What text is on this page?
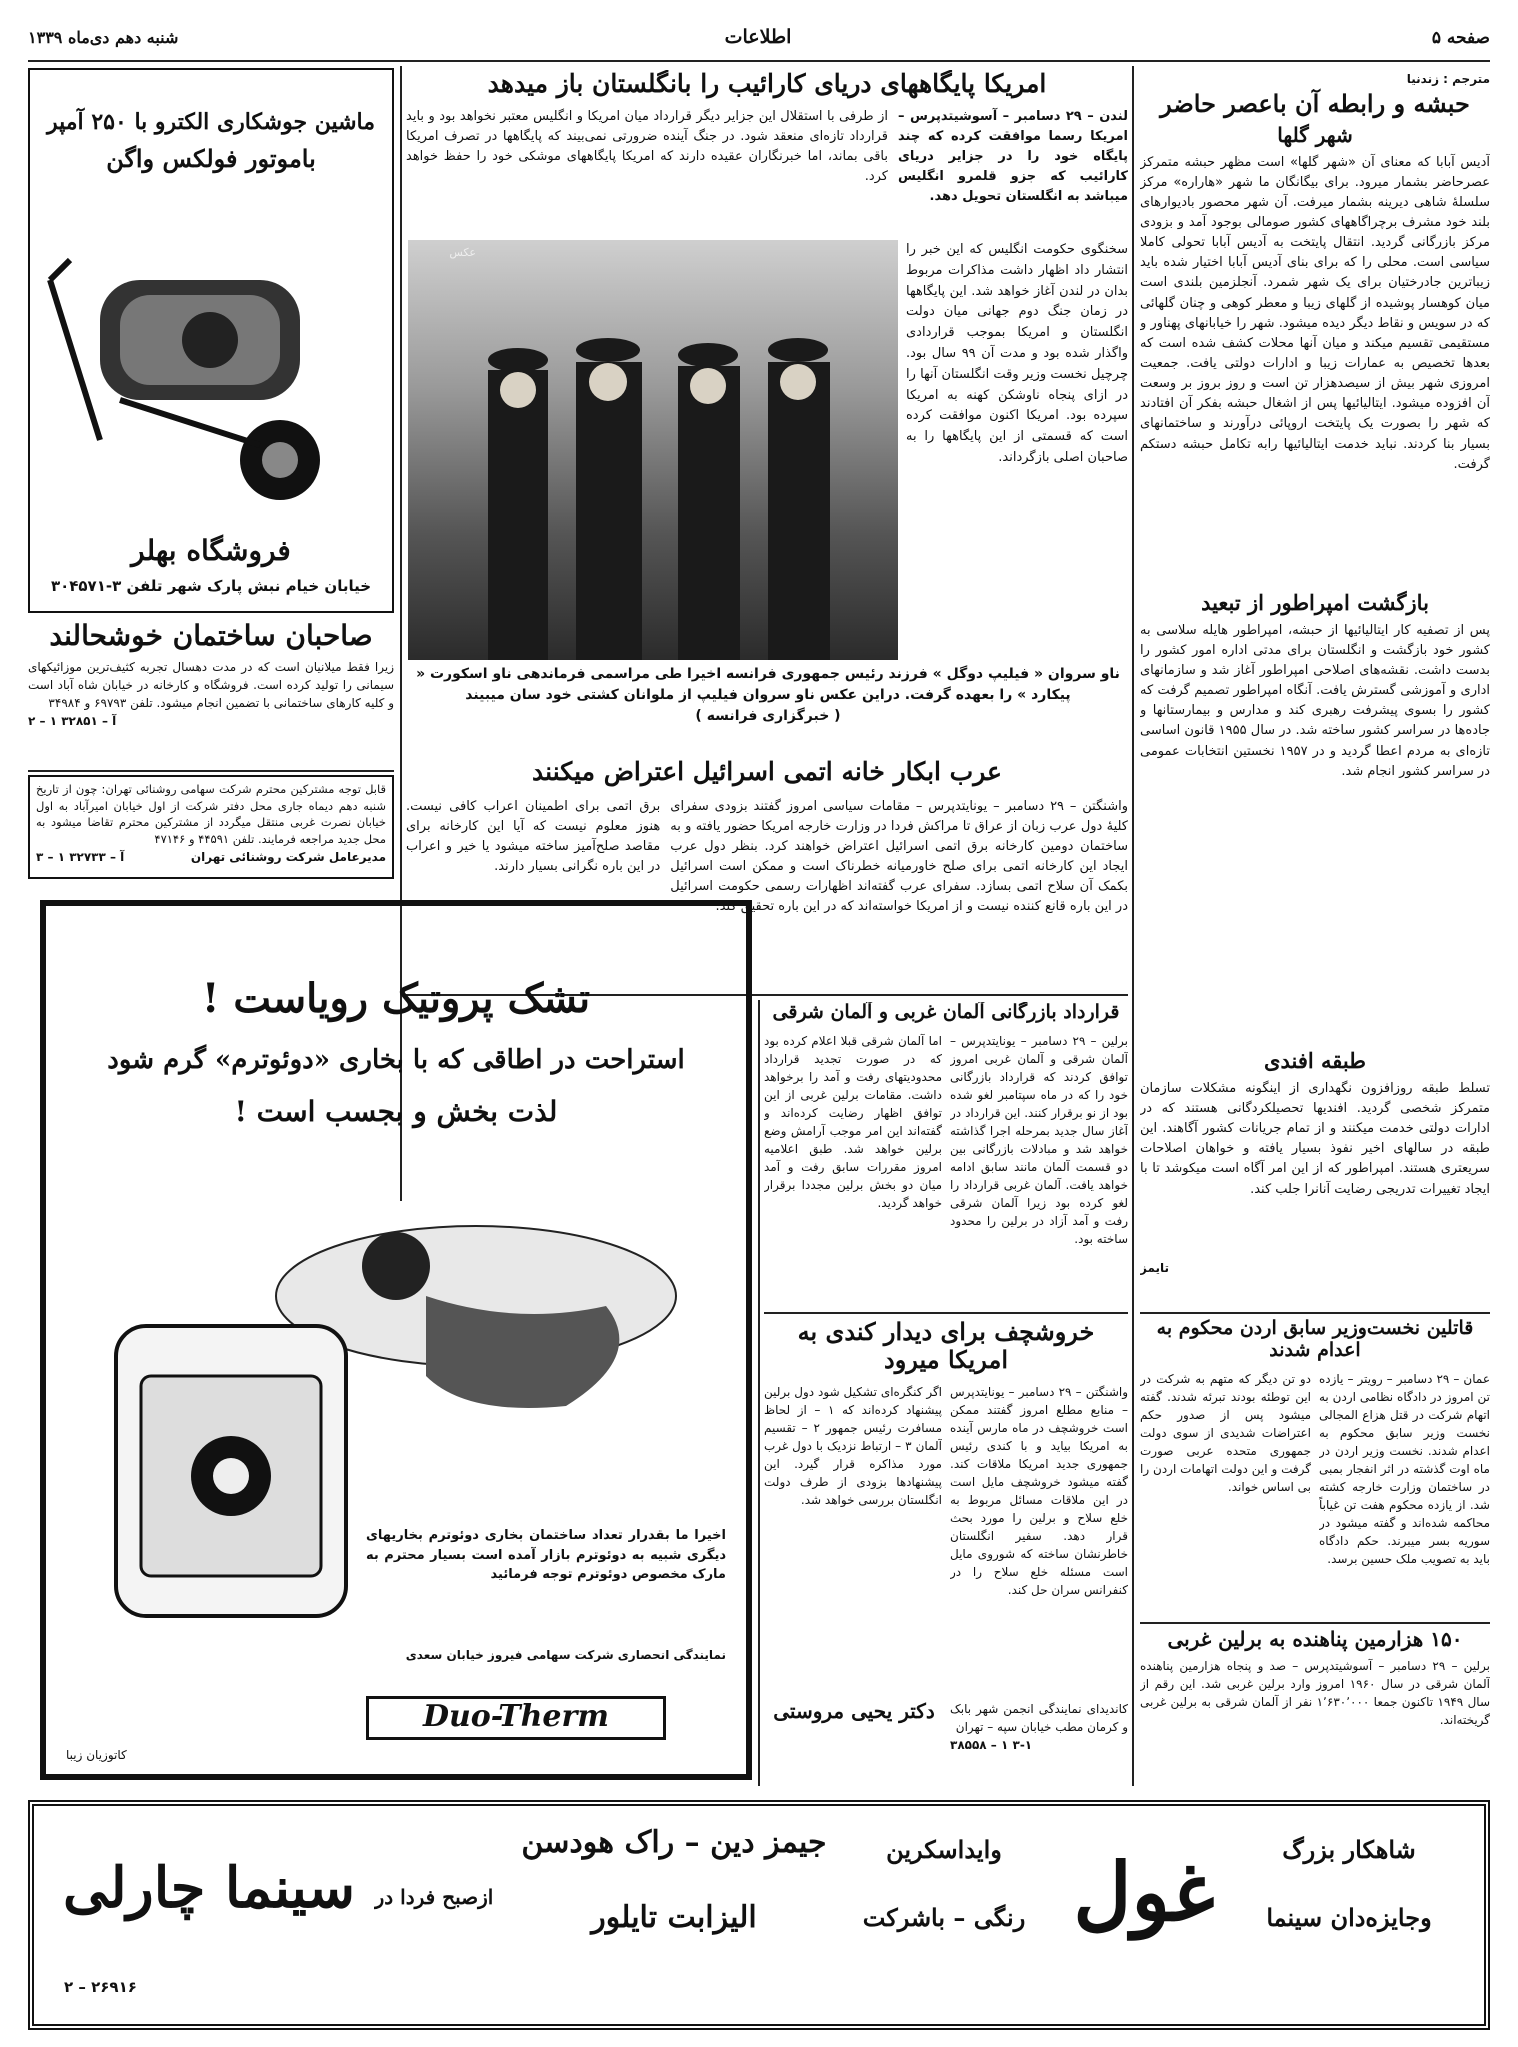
صفحه ۵
اطلاعات
شنبه دهم دی‌ماه ۱۳۳۹
مترجم : زندنیا
حبشه و رابطه آن باعصر حاضر
شهر گلها
آدیس آبابا که معنای آن «شهر گلها» است مظهر حبشه متمرکز عصرحاضر بشمار میرود. برای بیگانگان ما شهر «هاراره» مرکز سلسلهٔ شاهی دیرینه بشمار میرفت. آن شهر محصور بادیوارهای بلند خود مشرف برچراگاههای کشور صومالی بوجود آمد و بزودی مرکز بازرگانی گردید. انتقال پایتخت به آدیس آبابا تحولی کاملا سیاسی است. محلی را که برای بنای آدیس آبابا اختیار شده باید زیباترین جادرختیان برای یک شهر شمرد. آنجلزمین بلندی است میان کوهسار پوشیده از گلهای زیبا و معطر کوهی و چنان گلهائی که در سویس و نقاط دیگر دیده میشود. شهر را خیابانهای پهناور و مستقیمی تقسیم میکند و میان آنها محلات کشف شده است که بعدها تخصیص به عمارات زیبا و ادارات دولتی یافت. جمعیت امروزی شهر بیش از سیصدهزار تن است و روز بروز بر وسعت آن افزوده میشود. ایتالیائیها پس از اشغال حبشه بفکر آن افتادند که شهر را بصورت یک پایتخت اروپائی درآورند و ساختمانهای بسیار بنا کردند. نباید خدمت ایتالیائیها رابه تکامل حبشه دستکم گرفت.
بازگشت امپراطور از تبعید
پس از تصفیه کار ایتالیائیها از حبشه، امپراطور هایله سلاسی به کشور خود بازگشت و انگلستان برای مدتی اداره امور کشور را بدست داشت. نقشه‌های اصلاحی امپراطور آغاز شد و سازمانهای اداری و آموزشی گسترش یافت. آنگاه امپراطور تصمیم گرفت که کشور را بسوی پیشرفت رهبری کند و مدارس و بیمارستانها و جاده‌ها در سراسر کشور ساخته شد. در سال ۱۹۵۵ قانون اساسی تازه‌ای به مردم اعطا گردید و در ۱۹۵۷ نخستین انتخابات عمومی در سراسر کشور انجام شد.
طبقه افندی
تسلط طبقه روزافزون نگهداری از اینگونه مشکلات سازمان متمرکز شخصی گردید. افندیها تحصیلکردگانی هستند که در ادارات دولتی خدمت میکنند و از تمام جریانات کشور آگاهند. این طبقه در سالهای اخیر نفوذ بسیار یافته و خواهان اصلاحات سریعتری هستند. امپراطور که از این امر آگاه است میکوشد تا با ایجاد تغییرات تدریجی رضایت آنانرا جلب کند.
تایمز
امریکا پایگاههای دریای کارائیب را بانگلستان باز میدهد
لندن – ۲۹ دسامبر – آسوشیتدپرس – امریکا رسما موافقت کرده که چند پایگاه خود را در جزایر دریای کارائیب که جزو قلمرو انگلیس میباشد به انگلستان تحویل دهد.
از طرفی با استقلال این جزایر دیگر قرارداد میان امریکا و انگلیس معتبر نخواهد بود و باید قرارداد تازه‌ای منعقد شود. در جنگ آینده ضرورتی نمی‌بیند که پایگاهها در تصرف امریکا باقی بماند، اما خبرنگاران عقیده دارند که امریکا پایگاههای موشکی خود را حفظ خواهد کرد.
سخنگوی حکومت انگلیس که این خبر را انتشار داد اظهار داشت مذاکرات مربوط بدان در لندن آغاز خواهد شد. این پایگاهها در زمان جنگ دوم جهانی میان دولت انگلستان و امریکا بموجب قراردادی واگذار شده بود و مدت آن ۹۹ سال بود. چرچیل نخست وزیر وقت انگلستان آنها را در ازای پنجاه ناوشکن کهنه به امریکا سپرده بود. امریکا اکنون موافقت کرده است که قسمتی از این پایگاهها را به صاحبان اصلی بازگرداند.
عکس
ناو سروان « فیلیپ دوگل » فرزند رئیس جمهوری فرانسه اخیرا طی مراسمی فرماندهی ناو اسکورت « پیکارد » را بعهده گرفت. دراین عکس ناو سروان فیلیپ از ملوانان کشتی خود سان میبیند
( خبرگزاری فرانسه )
ماشین جوشکاری الکترو با ۲۵۰ آمپر
باموتور فولکس واگن
فروشگاه بهلر
خیابان خیام نبش پارک شهر تلفن ۳-۳۰۴۵۷۱
صاحبان ساختمان خوشحالند
زیرا فقط میلانیان است که در مدت دهسال تجربه کثیف‌ترین موزائیکهای سیمانی را تولید کرده است. فروشگاه و کارخانه در خیابان شاه آباد است و کلیه کارهای ساختمانی با تضمین انجام میشود. تلفن ۶۹۷۹۳ و ۳۴۹۸۴
آ – ۳۲۸۵۱ ۱ – ۲
قابل توجه مشترکین محترم شرکت سهامی روشنائی تهران: چون از تاریخ شنبه دهم دیماه جاری محل دفتر شرکت از اول خیابان امیرآباد به اول خیابان نصرت غربی منتقل میگردد از مشترکین محترم تقاضا میشود به محل جدید مراجعه فرمایند. تلفن ۴۴۵۹۱ و ۴۷۱۴۶
مدیرعامل شرکت روشنائی تهران
آ – ۳۲۷۳۳ ۱ – ۳
عرب ابکار خانه اتمی اسرائیل اعتراض میکنند
واشنگتن – ۲۹ دسامبر – یونایتدپرس – مقامات سیاسی امروز گفتند بزودی سفرای کلیهٔ دول عرب زبان از عراق تا مراکش فردا در وزارت خارجه امریکا حضور یافته و به ساختمان دومین کارخانه برق اتمی اسرائیل اعتراض خواهند کرد. بنظر دول عرب ایجاد این کارخانه اتمی برای صلح خاورمیانه خطرناک است و ممکن است اسرائیل بکمک آن سلاح اتمی بسازد. سفرای عرب گفته‌اند اظهارات رسمی حکومت اسرائیل در این باره قانع کننده نیست و از امریکا خواسته‌اند که در این باره تحقیق کند.
برق اتمی برای اطمینان اعراب کافی نیست. هنوز معلوم نیست که آیا این کارخانه برای مقاصد صلح‌آمیز ساخته میشود یا خیر و اعراب در این باره نگرانی بسیار دارند.
قرارداد بازرگانی آلمان غربی و آلمان شرقی
برلین – ۲۹ دسامبر – یونایتدپرس – آلمان شرقی و آلمان غربی امروز توافق کردند که قرارداد بازرگانی خود را که در ماه سپتامبر لغو شده بود از نو برقرار کنند. این قرارداد در آغاز سال جدید بمرحله اجرا گذاشته خواهد شد و مبادلات بازرگانی بین دو قسمت آلمان مانند سابق ادامه خواهد یافت. آلمان غربی قرارداد را لغو کرده بود زیرا آلمان شرقی رفت و آمد آزاد در برلین را محدود ساخته بود.
اما آلمان شرقی قبلا اعلام کرده بود که در صورت تجدید قرارداد محدودیتهای رفت و آمد را برخواهد داشت. مقامات برلین غربی از این توافق اظهار رضایت کرده‌اند و گفته‌اند این امر موجب آرامش وضع برلین خواهد شد. طبق اعلامیه امروز مقررات سابق رفت و آمد میان دو بخش برلین مجددا برقرار خواهد گردید.
تشک پروتیک رویاست !
استراحت در اطاقی که با بخاری «دوئوترم» گرم شود
لذت بخش و بجسب است !
اخیرا ما بقدرار تعداد ساختمان بخاری دوئوترم بخاریهای دیگری شبیه به دوئوترم بازار آمده است بسیار محترم به مارک مخصوص دوئوترم توجه فرمائید
نمایندگی انحصاری شرکت سهامی فیروز خیابان سعدی
Duo-Therm
کاتوزیان زیبا
خروشچف برای دیدار کندی به امریکا میرود
واشنگتن – ۲۹ دسامبر – یونایتدپرس – منابع مطلع امروز گفتند ممکن است خروشچف در ماه مارس آینده به امریکا بیاید و با کندی رئیس جمهوری جدید امریکا ملاقات کند. گفته میشود خروشچف مایل است در این ملاقات مسائل مربوط به خلع سلاح و برلین را مورد بحث قرار دهد. سفیر انگلستان خاطرنشان ساخته که شوروی مایل است مسئله خلع سلاح را در کنفرانس سران حل کند.
اگر کنگره‌ای تشکیل شود دول برلین پیشنهاد کرده‌اند که ۱ – از لحاظ مسافرت رئیس جمهور ۲ – تقسیم آلمان ۳ – ارتباط نزدیک با دول غرب مورد مذاکره قرار گیرد. این پیشنهادها بزودی از طرف دولت انگلستان بررسی خواهد شد.
دکتر یحیی مروستی	کاندیدای نمایندگی انجمن شهر بابک و کرمان مطب خیابان سپه – تهران
۳-۱ ۱ – ۳۸۵۵۸
قاتلین نخست‌وزیر سابق اردن محکوم به اعدام شدند
عمان – ۲۹ دسامبر – رویتر – یازده تن امروز در دادگاه نظامی اردن به اتهام شرکت در قتل هزاع المجالی نخست وزیر سابق محکوم به اعدام شدند. نخست وزیر اردن در ماه اوت گذشته در اثر انفجار بمبی در ساختمان وزارت خارجه کشته شد. از یازده محکوم هفت تن غیاباً محاکمه شده‌اند و گفته میشود در سوریه بسر میبرند. حکم دادگاه باید به تصویب ملک حسین برسد.
دو تن دیگر که متهم به شرکت در این توطئه بودند تبرئه شدند. گفته میشود پس از صدور حکم اعتراضات شدیدی از سوی دولت جمهوری متحده عربی صورت گرفت و این دولت اتهامات اردن را بی اساس خواند.
۱۵۰ هزارمین پناهنده به برلین غربی
برلین – ۲۹ دسامبر – آسوشیتدپرس – صد و پنجاه هزارمین پناهنده آلمان شرقی در سال ۱۹۶۰ امروز وارد برلین غربی شد. این رقم از سال ۱۹۴۹ تاکنون جمعا ۱٬۶۳۰٬۰۰۰ نفر از آلمان شرقی به برلین غربی گریخته‌اند.
شاهکار بزرگ
وجایزه‌دان سینما
غول
وایداسکرین
رنگی – باشرکت
جیمز دین – راک هودسن
الیزابت تایلور
ازصبح فردا در
سینما چارلی
۲۶۹۱۶ – ۲
